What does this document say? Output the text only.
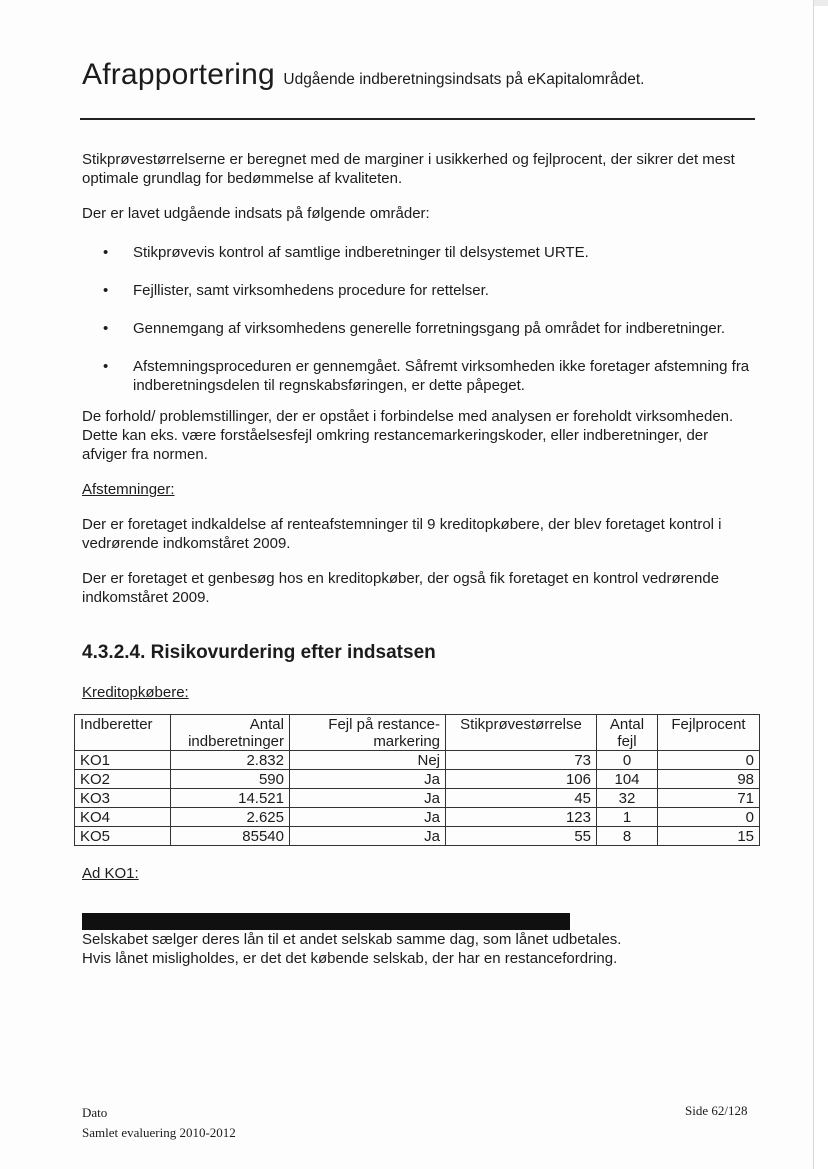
Afrapportering Udgående indberetningsindsats på eKapitalområdet.

Stikprøvestørrelserne er beregnet med de marginer i usikkerhed og fejlprocent, der sikrer det mest optimale grundlag for bedømmelse af kvaliteten.

Der er lavet udgående indsats på følgende områder:

• Stikprøvevis kontrol af samtlige indberetninger til delsystemet URTE.
• Fejllister, samt virksomhedens procedure for rettelser.
• Gennemgang af virksomhedens generelle forretningsgang på området for indberetninger.
• Afstemningsproceduren er gennemgået. Såfremt virksomheden ikke foretager afstemning fra indberetningsdelen til regnskabsføringen, er dette påpeget.

De forhold/ problemstillinger, der er opstået i forbindelse med analysen er foreholdt virksomheden. Dette kan eks. være forståelsesfejl omkring restancemarkeringskoder, eller indberetninger, der afviger fra normen.

Afstemninger:

Der er foretaget indkaldelse af renteafstemninger til 9 kreditopkøbere, der blev foretaget kontrol i vedrørende indkomståret 2009.

Der er foretaget et genbesøg hos en kreditopkøber, der også fik foretaget en kontrol vedrørende indkomståret 2009.

4.3.2.4. Risikovurdering efter indsatsen

Kreditopkøbere:

Indberetter	Antal indberetninger	Fejl på restance-markering	Stikprøvestørrelse	Antal fejl	Fejlprocent
KO1	2.832	Nej	73	0	0
KO2	590	Ja	106	104	98
KO3	14.521	Ja	45	32	71
KO4	2.625	Ja	123	1	0
KO5	85540	Ja	55	8	15

Ad KO1:

Selskabet sælger deres lån til et andet selskab samme dag, som lånet udbetales.
Hvis lånet misligholdes, er det det købende selskab, der har en restancefordring.
Dato
Samlet evaluering 2010-2012
Side 62/128
